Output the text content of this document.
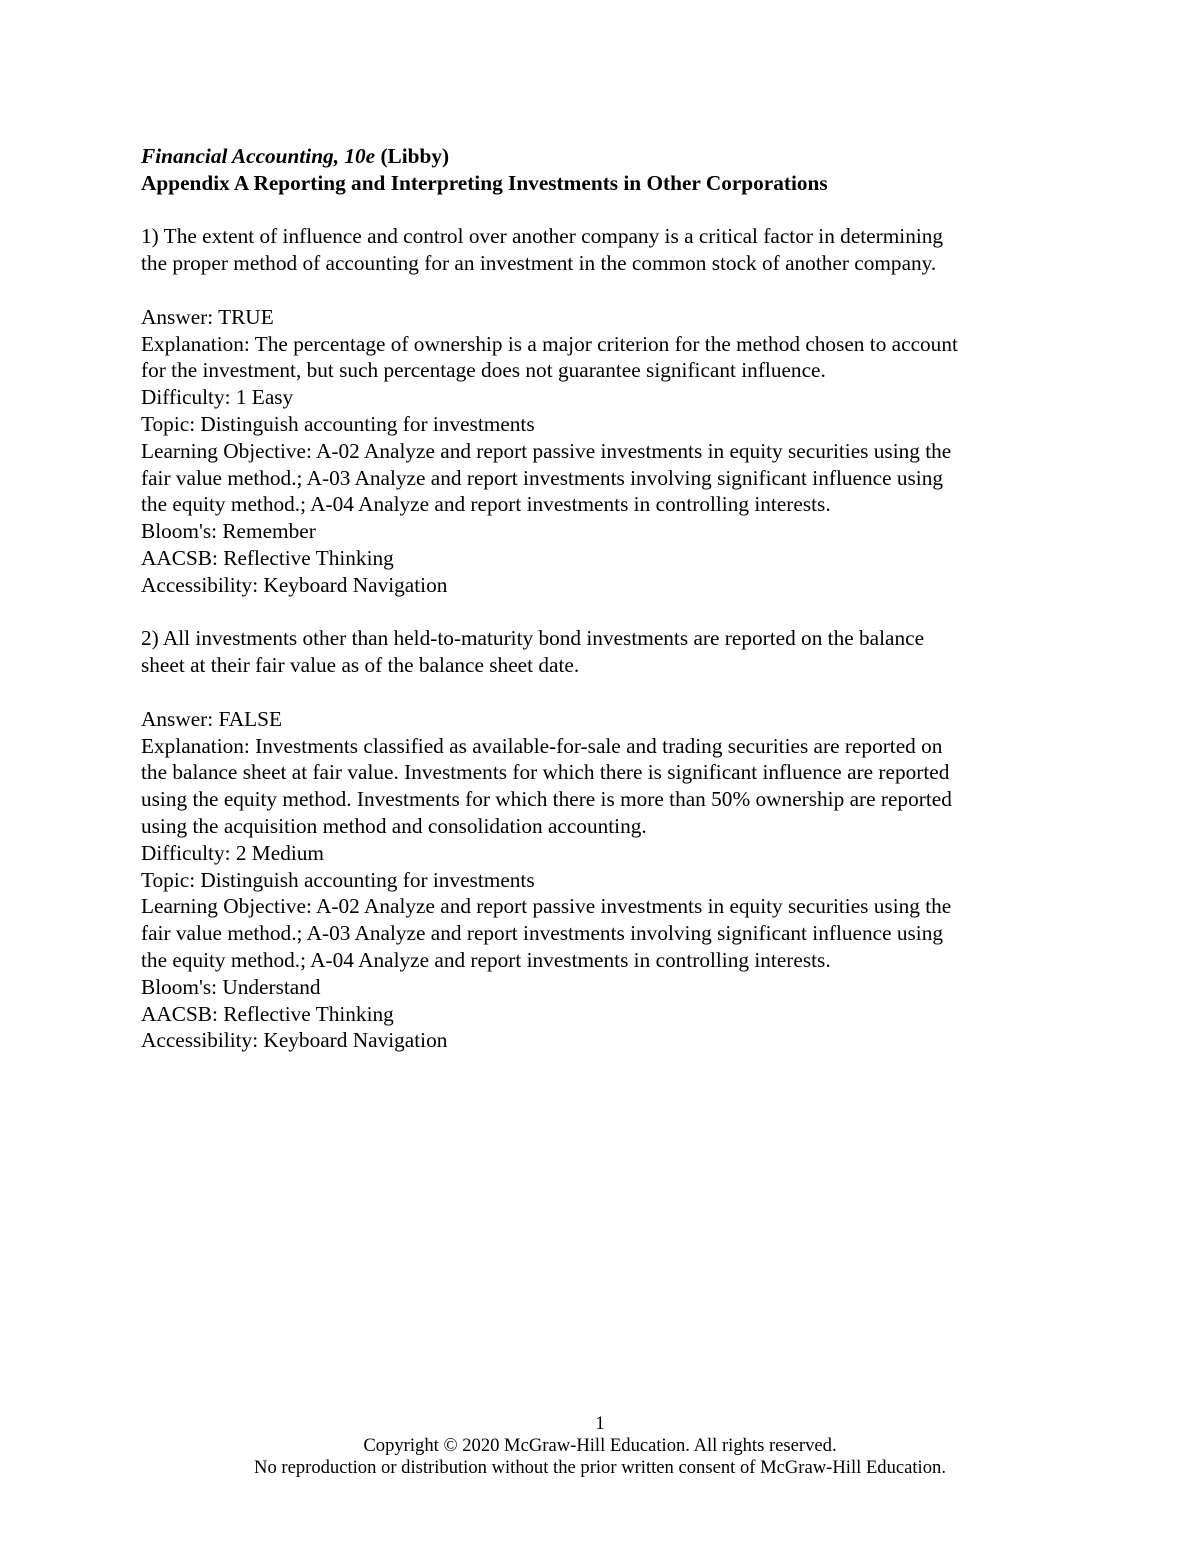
Financial Accounting, 10e (Libby)
Appendix A Reporting and Interpreting Investments in Other Corporations
1) The extent of influence and control over another company is a critical factor in determining
the proper method of accounting for an investment in the common stock of another company.
Answer: TRUE
Explanation: The percentage of ownership is a major criterion for the method chosen to account
for the investment, but such percentage does not guarantee significant influence.
Difficulty: 1 Easy
Topic: Distinguish accounting for investments
Learning Objective: A-02 Analyze and report passive investments in equity securities using the
fair value method.; A-03 Analyze and report investments involving significant influence using
the equity method.; A-04 Analyze and report investments in controlling interests.
Bloom's: Remember
AACSB: Reflective Thinking
Accessibility: Keyboard Navigation
2) All investments other than held-to-maturity bond investments are reported on the balance
sheet at their fair value as of the balance sheet date.
Answer: FALSE
Explanation: Investments classified as available-for-sale and trading securities are reported on
the balance sheet at fair value. Investments for which there is significant influence are reported
using the equity method. Investments for which there is more than 50% ownership are reported
using the acquisition method and consolidation accounting.
Difficulty: 2 Medium
Topic: Distinguish accounting for investments
Learning Objective: A-02 Analyze and report passive investments in equity securities using the
fair value method.; A-03 Analyze and report investments involving significant influence using
the equity method.; A-04 Analyze and report investments in controlling interests.
Bloom's: Understand
AACSB: Reflective Thinking
Accessibility: Keyboard Navigation
1
Copyright © 2020 McGraw-Hill Education. All rights reserved.
No reproduction or distribution without the prior written consent of McGraw-Hill Education.
